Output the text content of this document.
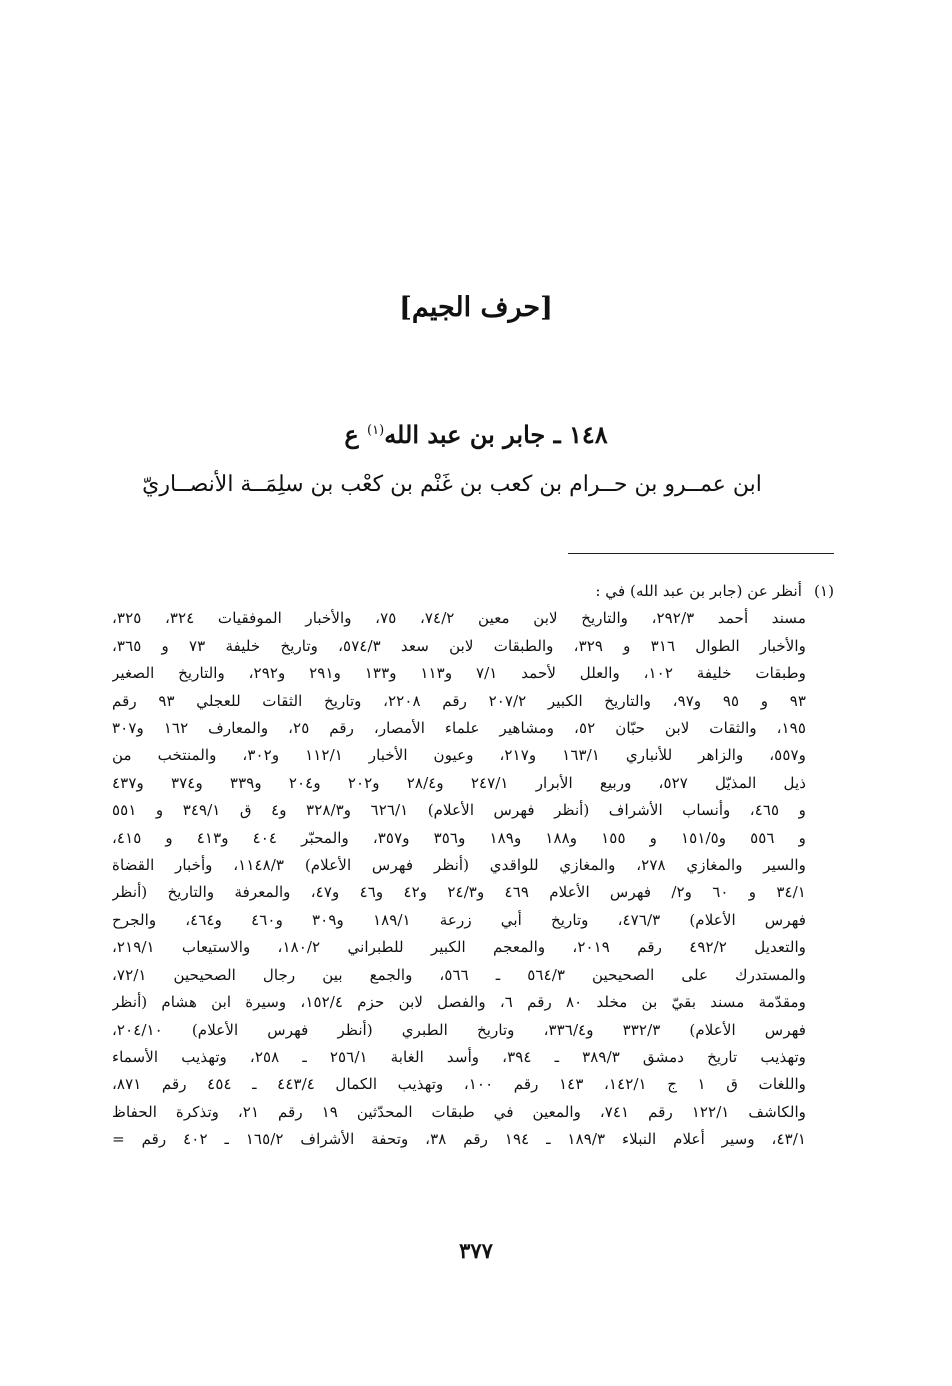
[حرف الجيم]
١٤٨ ـ جابر بن عبد الله$^{(١)}$ ع
ابن عمــرو بن حــرام بن كعب بن غَنْم بن كعْب بن سلِمَــة الأنصــاريّ
(١)أنظر عن (جابر بن عبد الله) في :
مسند أحمد ٢٩٢/٣، والتاريخ لابن معين ٧٤/٢، ٧٥، والأخبار الموفقيات ٣٢٤، ٣٢٥،
والأخبار الطوال ٣١٦ و ٣٢٩، والطبقات لابن سعد ٥٧٤/٣، وتاريخ خليفة ٧٣ و ٣٦٥،
وطبقات خليفة ١٠٢، والعلل لأحمد ٧/١ و١١٣ و١٣٣ و٢٩١ و٢٩٢، والتاريخ الصغير
٩٣ و ٩٥ و٩٧، والتاريخ الكبير ٢٠٧/٢ رقم ٢٢٠٨، وتاريخ الثقات للعجلي ٩٣ رقم
١٩٥، والثقات لابن حبّان ٥٢، ومشاهير علماء الأمصار، رقم ٢٥، والمعارف ١٦٢ و٣٠٧
و٥٥٧، والزاهر للأنباري ١٦٣/١ و٢١٧، وعيون الأخبار ١١٢/١ و٣٠٢، والمنتخب من
ذيل المذيّل ٥٢٧، وربيع الأبرار ٢٤٧/١ و٢٨/٤ و٢٠٢ و٢٠٤ و٣٣٩ و٣٧٤ و٤٣٧
و ٤٦٥، وأنساب الأشراف (أنظر فهرس الأعلام) ٦٢٦/١ و٣٢٨/٣ و٤ ق ٣٤٩/١ و ٥٥١
و ٥٥٦ و١٥١/٥ و ١٥٥ و١٨٨ و١٨٩ و٣٥٦ و٣٥٧، والمحبّر ٤٠٤ و٤١٣ و ٤١٥،
والسير والمغازي ٢٧٨، والمغازي للواقدي (أنظر فهرس الأعلام) ١١٤٨/٣، وأخبار القضاة
٣٤/١ و ٦٠ و٢/ فهرس الأعلام ٤٦٩ و٢٤/٣ و٤٢ و٤٦ و٤٧، والمعرفة والتاريخ (أنظر
فهرس الأعلام) ٤٧٦/٣، وتاريخ أبي زرعة ١٨٩/١ و٣٠٩ و٤٦٠ و٤٦٤، والجرح
والتعديل ٤٩٢/٢ رقم ٢٠١٩، والمعجم الكبير للطبراني ١٨٠/٢، والاستيعاب ٢١٩/١،
والمستدرك على الصحيحين ٥٦٤/٣ ـ ٥٦٦، والجمع بين رجال الصحيحين ٧٢/١،
ومقدّمة مسند بقيّ بن مخلد ٨٠ رقم ٦، والفصل لابن حزم ١٥٢/٤، وسيرة ابن هشام (أنظر
فهرس الأعلام) ٣٣٢/٣ و٣٣٦/٤، وتاريخ الطبري (أنظر فهرس الأعلام) ٢٠٤/١٠،
وتهذيب تاريخ دمشق ٣٨٩/٣ ـ ٣٩٤، وأسد الغابة ٢٥٦/١ ـ ٢٥٨، وتهذيب الأسماء
واللغات ق ١ ج ١٤٢/١، ١٤٣ رقم ١٠٠، وتهذيب الكمال ٤٤٣/٤ ـ ٤٥٤ رقم ٨٧١،
والكاشف ١٢٢/١ رقم ٧٤١، والمعين في طبقات المحدّثين ١٩ رقم ٢١، وتذكرة الحفاظ
٤٣/١، وسير أعلام النبلاء ١٨٩/٣ ـ ١٩٤ رقم ٣٨، وتحفة الأشراف ١٦٥/٢ ـ ٤٠٢ رقم =
٣٧٧
